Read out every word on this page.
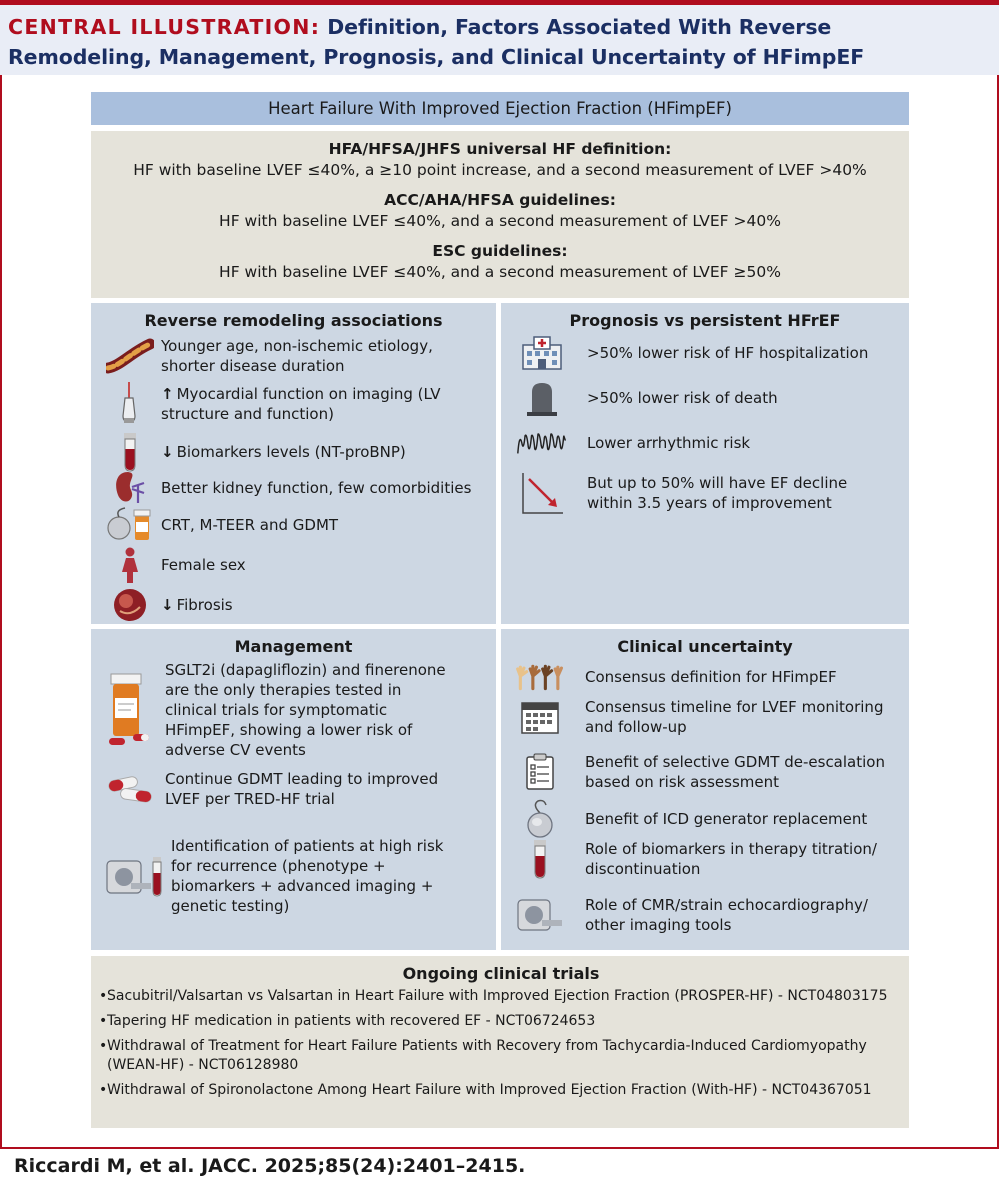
CENTRAL ILLUSTRATION: Definition, Factors Associated With Reverse
Remodeling, Management, Prognosis, and Clinical Uncertainty of HFimpEF
Heart Failure With Improved Ejection Fraction (HFimpEF)
HFA/HFSA/JHFS universal HF definition:
HF with baseline LVEF ≤40%, a ≥10 point increase, and a second measurement of LVEF >40%
ACC/AHA/HFSA guidelines:
HF with baseline LVEF ≤40%, and a second measurement of LVEF >40%
ESC guidelines:
HF with baseline LVEF ≤40%, and a second measurement of LVEF ≥50%
Reverse remodeling associations
Younger age, non-ischemic etiology, shorter disease duration
↑ Myocardial function on imaging (LV structure and function)
↓ Biomarkers levels (NT-proBNP)
Better kidney function, few comorbidities
CRT, M-TEER and GDMT
Female sex
↓ Fibrosis
Prognosis vs persistent HFrEF
>50% lower risk of HF hospitalization
>50% lower risk of death
Lower arrhythmic risk
But up to 50% will have EF decline within 3.5 years of improvement
Management
SGLT2i (dapagliflozin) and finerenone are the only therapies tested in clinical trials for symptomatic HFimpEF, showing a lower risk of adverse CV events
Continue GDMT leading to improved LVEF per TRED-HF trial
Identification of patients at high risk for recurrence (phenotype + biomarkers + advanced imaging + genetic testing)
Clinical uncertainty
Consensus definition for HFimpEF
Consensus timeline for LVEF monitoring and follow-up
Benefit of selective GDMT de-escalation based on risk assessment
Benefit of ICD generator replacement
Role of biomarkers in therapy titration/ discontinuation
Role of CMR/strain echocardiography/ other imaging tools
Ongoing clinical trials
• Sacubitril/Valsartan vs Valsartan in Heart Failure with Improved Ejection Fraction (PROSPER-HF) - NCT04803175
• Tapering HF medication in patients with recovered EF - NCT06724653
• Withdrawal of Treatment for Heart Failure Patients with Recovery from Tachycardia-Induced Cardiomyopathy (WEAN-HF) - NCT06128980
• Withdrawal of Spironolactone Among Heart Failure with Improved Ejection Fraction (With-HF) - NCT04367051
Riccardi M, et al. JACC. 2025;85(24):2401–2415.
